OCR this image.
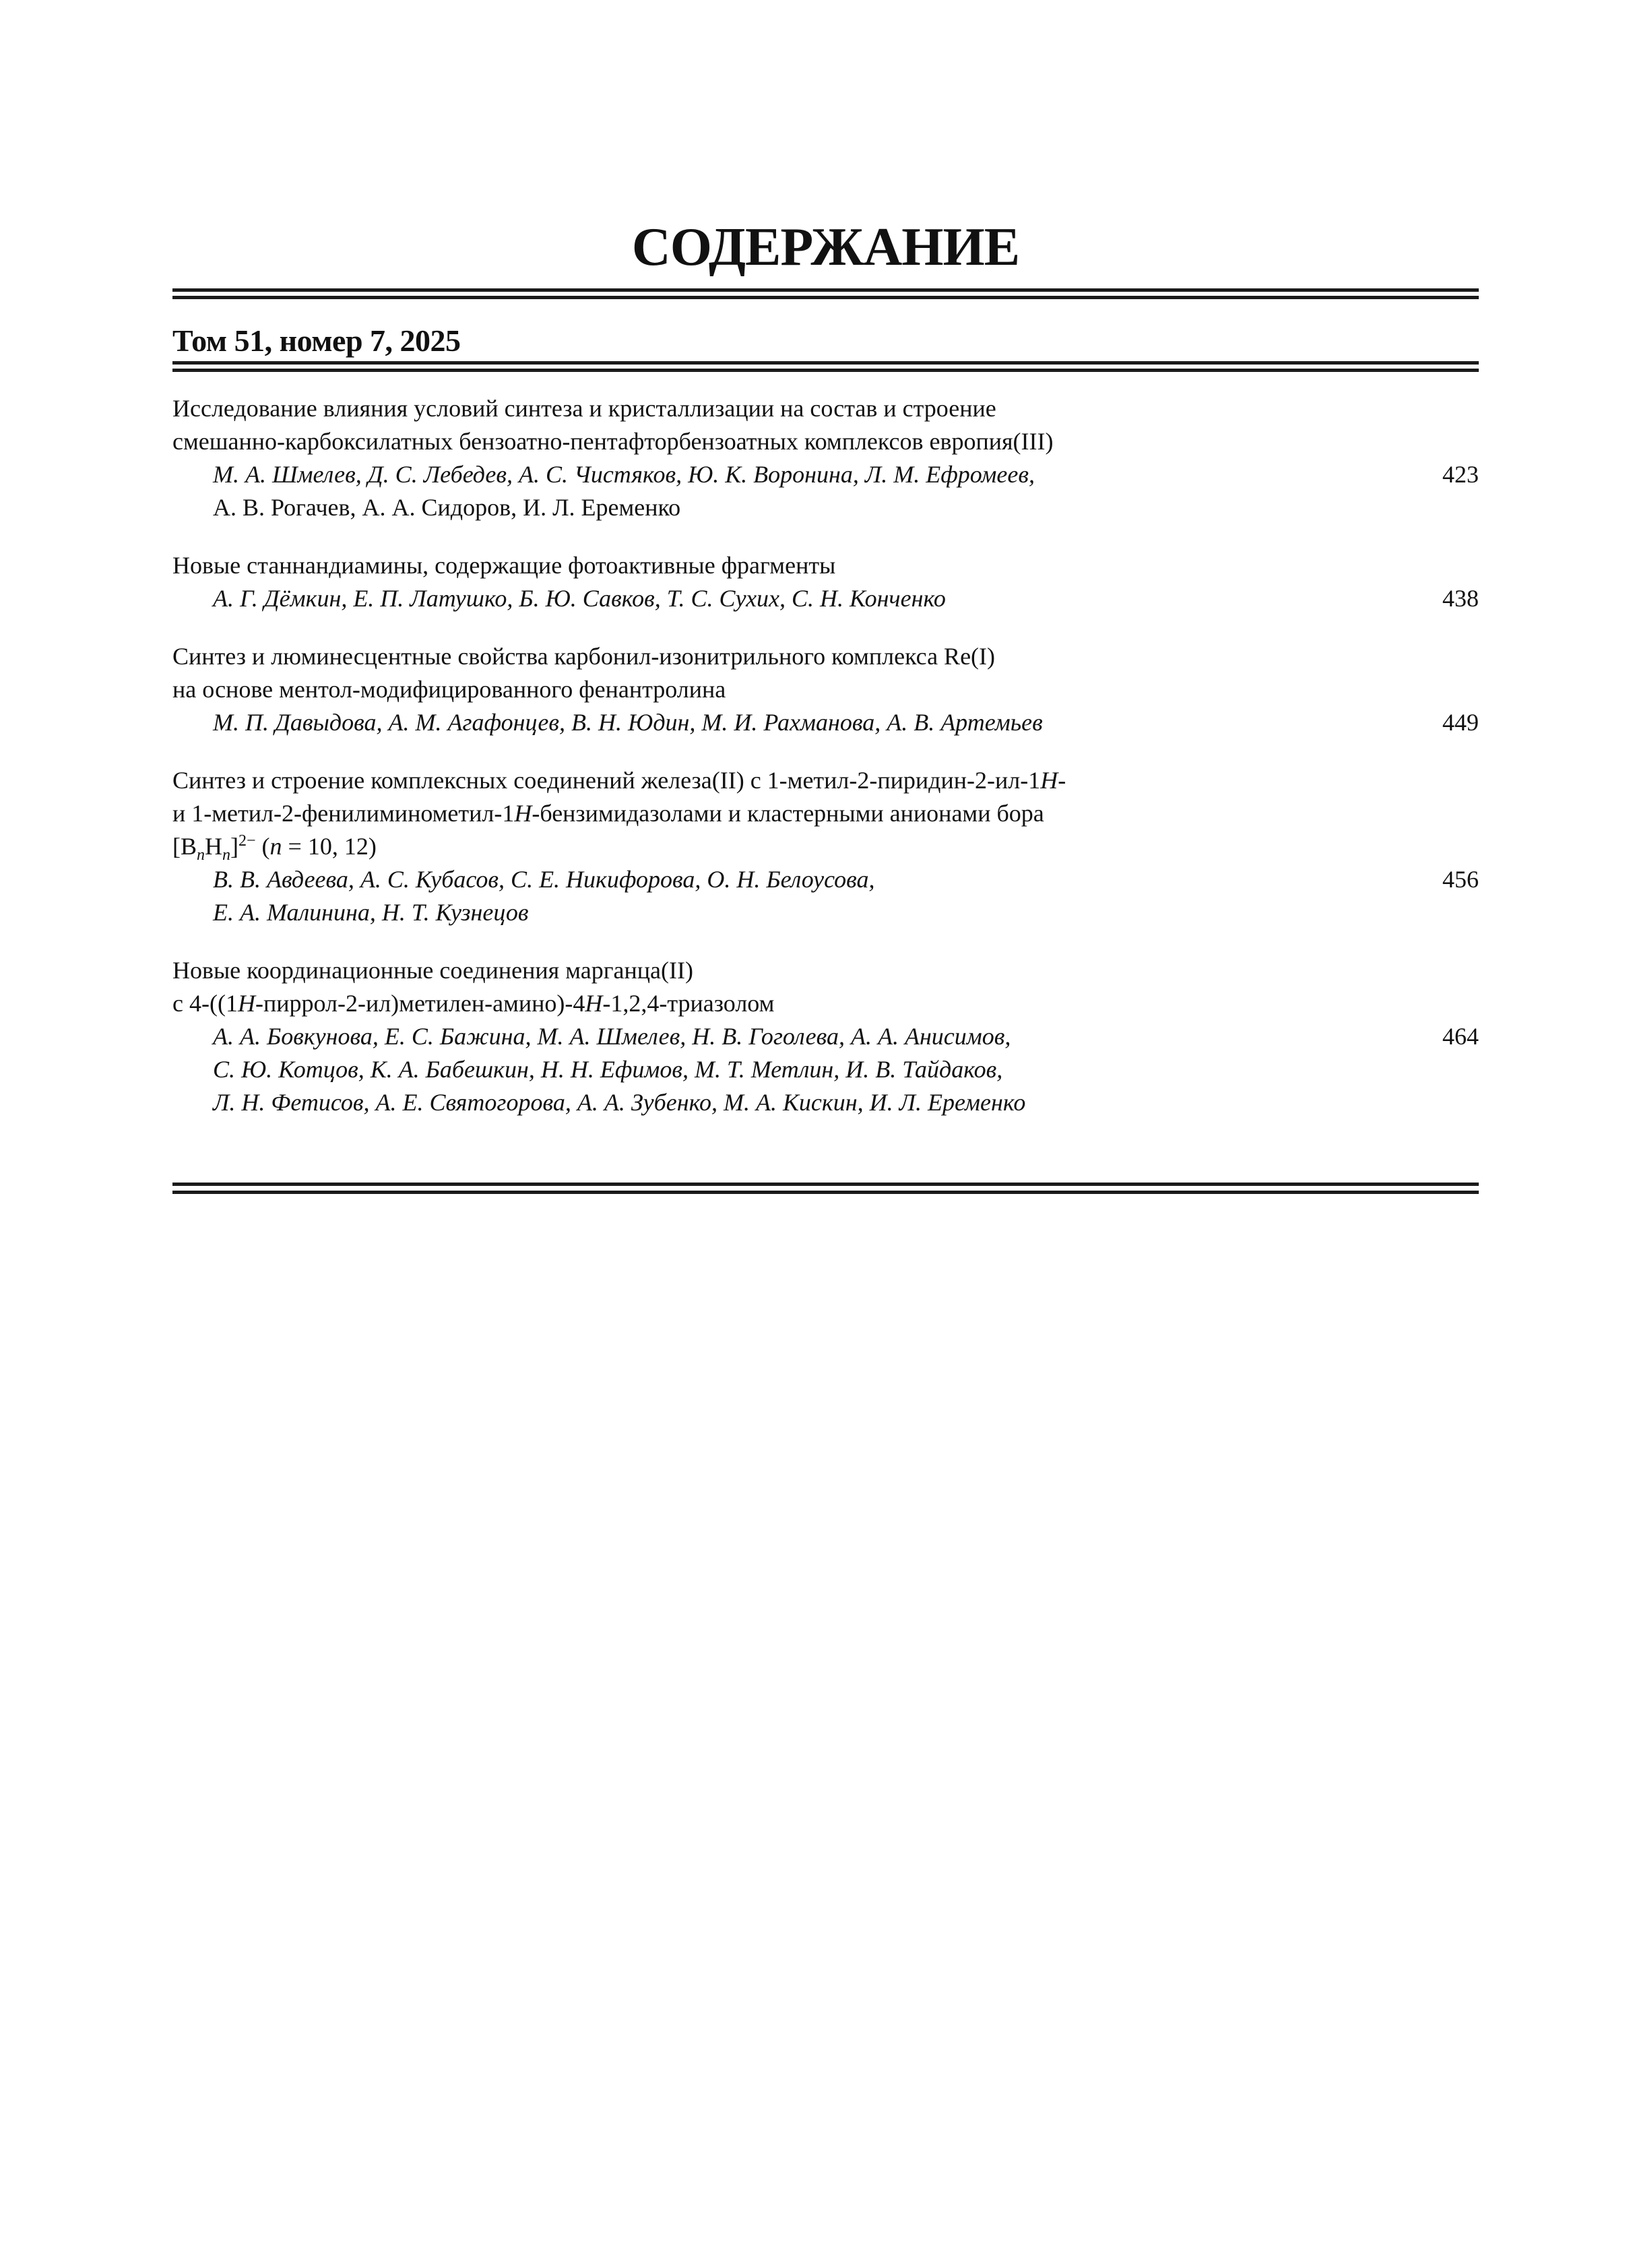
СОДЕРЖАНИЕ
Том 51, номер 7, 2025
Исследование влияния условий синтеза и кристаллизации на состав и строение
смешанно-карбоксилатных бензоатно-пентафторбензоатных комплексов европия(III)
М. А. Шмелев, Д. С. Лебедев, А. С. Чистяков, Ю. К. Воронина, Л. М. Ефромеев,	423
А. В. Рогачев, А. А. Сидоров, И. Л. Еременко
Новые станнандиамины, содержащие фотоактивные фрагменты
А. Г. Дёмкин, Е. П. Латушко, Б. Ю. Савков, Т. С. Сухих, С. Н. Конченко	438
Синтез и люминесцентные свойства карбонил-изонитрильного комплекса Re(I)
на основе ментол-модифицированного фенантролина
М. П. Давыдова, А. М. Агафонцев, В. Н. Юдин, М. И. Рахманова, А. В. Артемьев	449
Синтез и строение комплексных соединений железа(II) с 1-метил-2-пиридин-2-ил-1H-
и 1-метил-2-фенилиминометил-1H-бензимидазолами и кластерными анионами бора
$[B_nH_n]^{2-}$ (n = 10, 12)
В. В. Авдеева, А. С. Кубасов, С. Е. Никифорова, О. Н. Белоусова,	456
Е. А. Малинина, Н. Т. Кузнецов
Новые координационные соединения марганца(II)
с 4-((1H-пиррол-2-ил)метилен-амино)-4H-1,2,4-триазолом
А. А. Бовкунова, Е. С. Бажина, М. А. Шмелев, Н. В. Гоголева, А. А. Анисимов,	464
С. Ю. Котцов, К. А. Бабешкин, Н. Н. Ефимов, М. Т. Метлин, И. В. Тайдаков,
Л. Н. Фетисов, А. Е. Святогорова, А. А. Зубенко, М. А. Кискин, И. Л. Еременко
